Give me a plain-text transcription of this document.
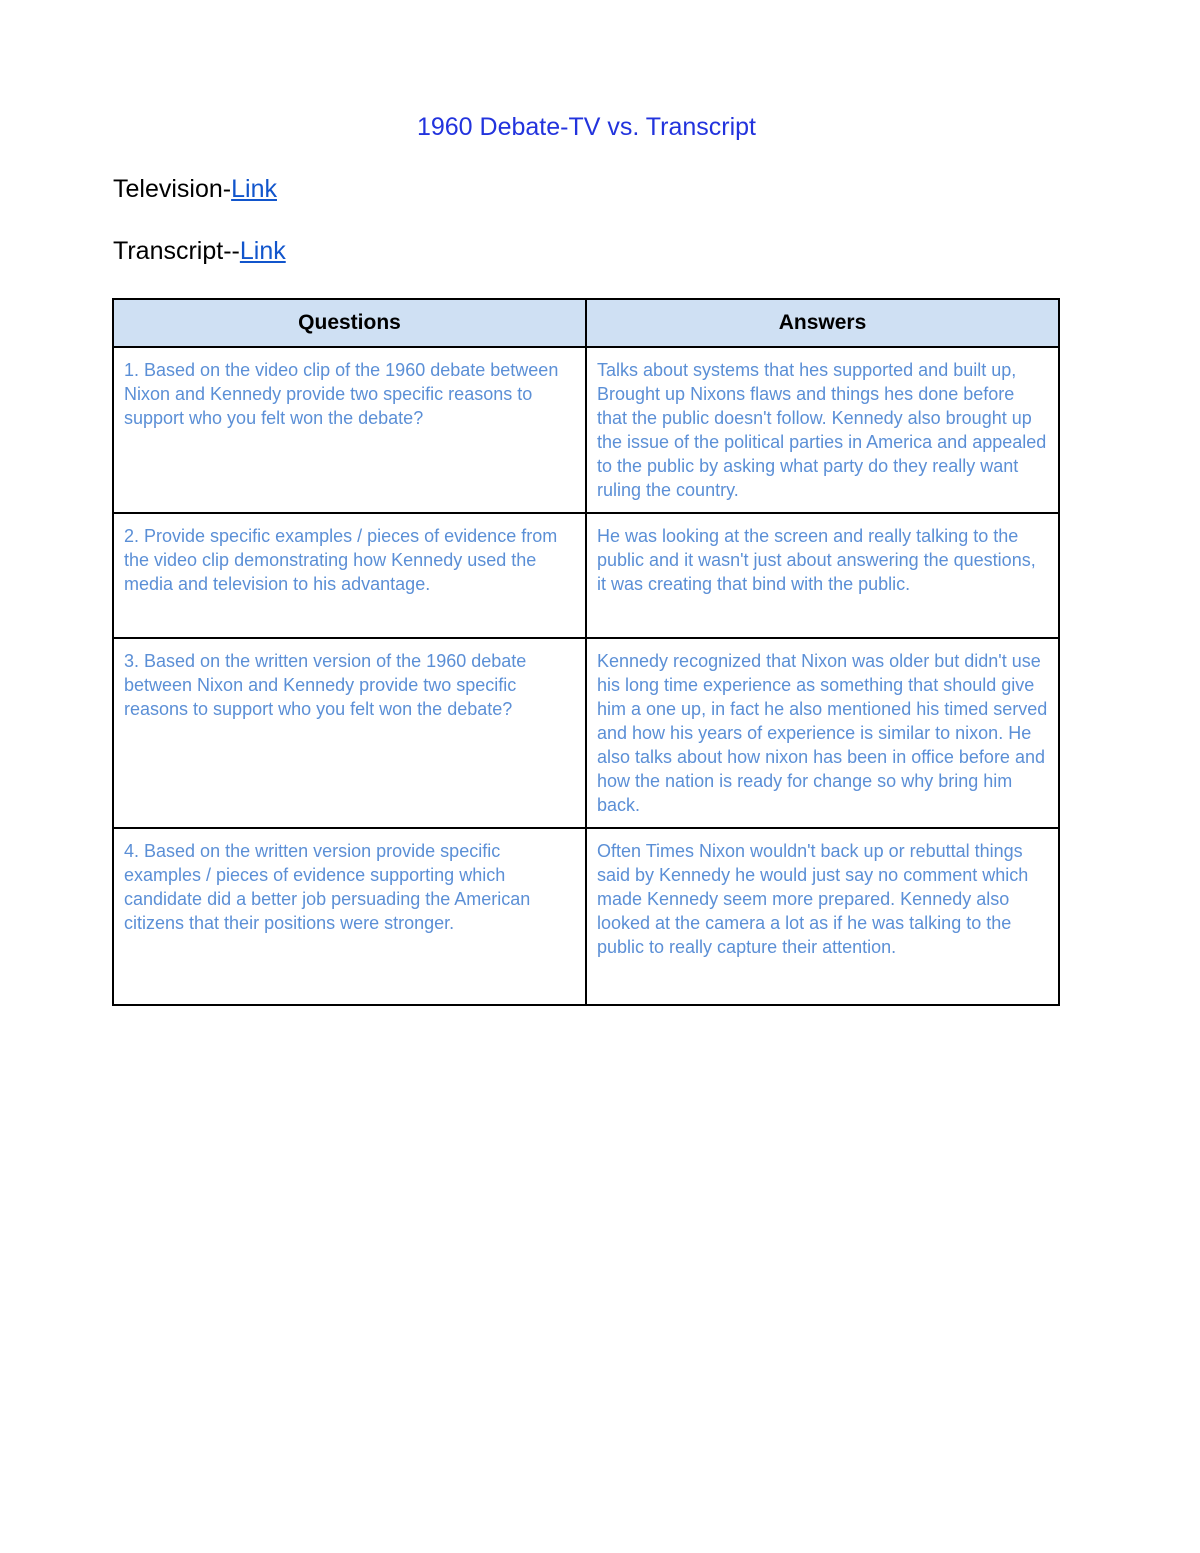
1960 Debate-TV vs. Transcript
Television-Link
Transcript--Link
Questions	Answers
1. Based on the video clip of the 1960 debate between Nixon and Kennedy provide two specific reasons to support who you felt won the debate?	Talks about systems that hes supported and built up, Brought up Nixons flaws and things hes done before that the public doesn't follow. Kennedy also brought up the issue of the political parties in America and appealed to the public by asking what party do they really want ruling the country.
2. Provide specific examples / pieces of evidence from the video clip demonstrating how Kennedy used the media and television to his advantage.	He was looking at the screen and really talking to the public and it wasn't just about answering the questions, it was creating that bind with the public.
3. Based on the written version of the 1960 debate between Nixon and Kennedy provide two specific reasons to support who you felt won the debate?	Kennedy recognized that Nixon was older but didn't use his long time experience as something that should give him a one up, in fact he also mentioned his timed served and how his years of experience is similar to nixon. He also talks about how nixon has been in office before and how the nation is ready for change so why bring him back.
4. Based on the written version provide specific examples / pieces of evidence supporting which candidate did a better job persuading the American citizens that their positions were stronger.	Often Times Nixon wouldn't back up or rebuttal things said by Kennedy he would just say no comment which made Kennedy seem more prepared. Kennedy also looked at the camera a lot as if he was talking to the public to really capture their attention.
